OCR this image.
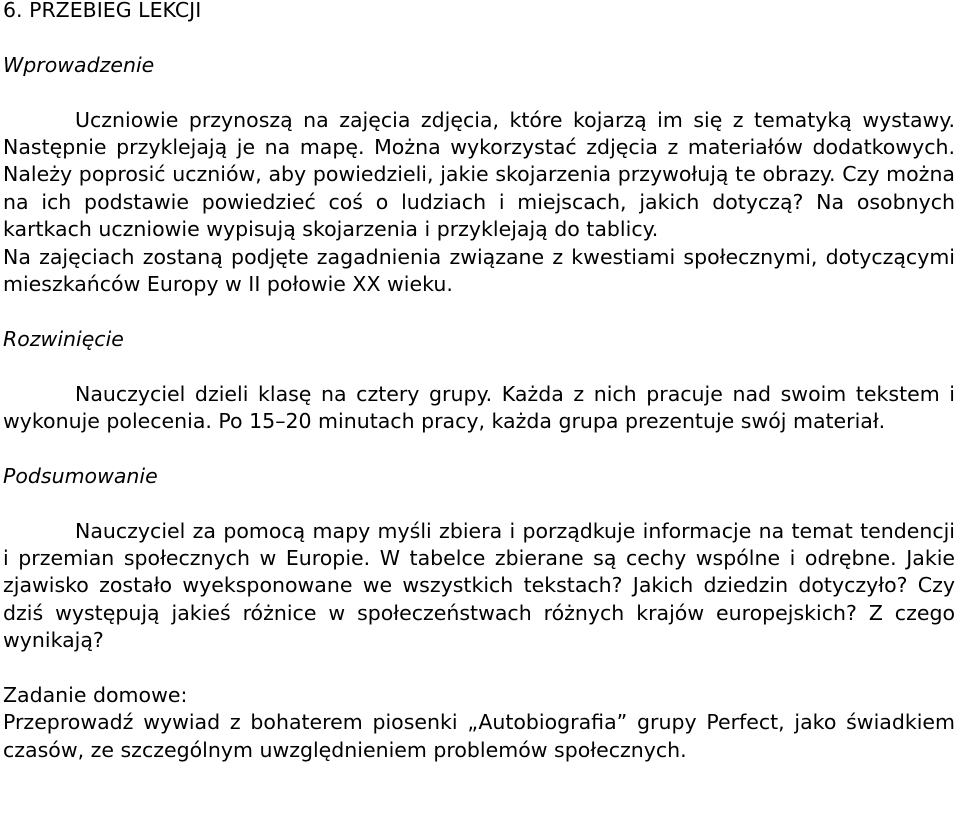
6. PRZEBIEG LEKCJI
Wprowadzenie

Uczniowie przynoszą na zajęcia zdjęcia, które kojarzą im się z tematyką wystawy. Następnie przyklejają je na mapę. Można wykorzystać zdjęcia z materiałów dodatkowych. Należy poprosić uczniów, aby powiedzieli, jakie skojarzenia przywołują te obrazy. Czy można na ich podstawie powiedzieć coś o ludziach i miejscach, jakich dotyczą? Na osobnych kartkach uczniowie wypisują skojarzenia i przyklejają do tablicy.

Na zajęciach zostaną podjęte zagadnienia związane z kwestiami społecznymi, dotyczącymi mieszkańców Europy w II połowie XX wieku.

Rozwinięcie

Nauczyciel dzieli klasę na cztery grupy. Każda z nich pracuje nad swoim tekstem i wykonuje polecenia. Po 15–20 minutach pracy, każda grupa prezentuje swój materiał.

Podsumowanie

Nauczyciel za pomocą mapy myśli zbiera i porządkuje informacje na temat tendencji i przemian społecznych w Europie. W tabelce zbierane są cechy wspólne i odrębne. Jakie zjawisko zostało wyeksponowane we wszystkich tekstach? Jakich dziedzin dotyczyło? Czy dziś występują jakieś różnice w społeczeństwach różnych krajów europejskich? Z czego wynikają?

Zadanie domowe:

Przeprowadź wywiad z bohaterem piosenki „Autobiografia” grupy Perfect, jako świadkiem czasów, ze szczególnym uwzględnieniem problemów społecznych.
